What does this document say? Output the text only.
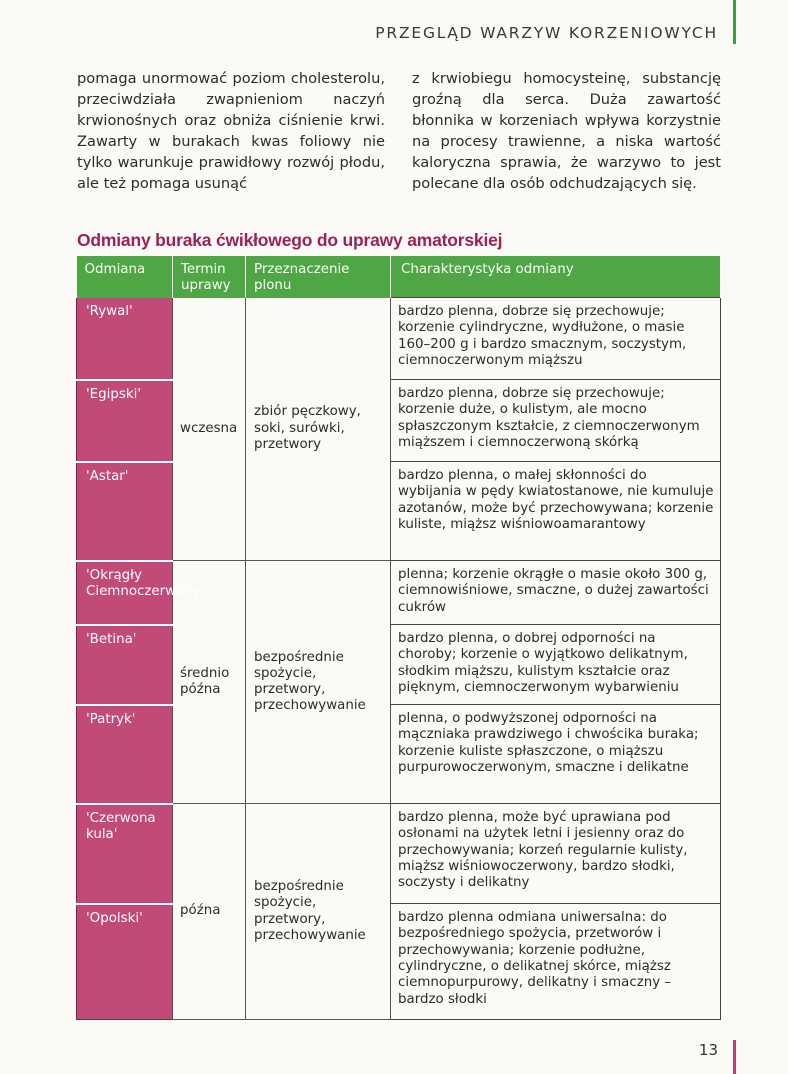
PRZEGLĄD WARZYW KORZENIOWYCH

pomaga unormować poziom cholesterolu, przeciwdziała zwapnieniom naczyń krwionośnych oraz obniża ciśnienie krwi. Zawarty w burakach kwas foliowy nie tylko warunkuje prawidłowy rozwój płodu, ale też pomaga usunąć

z krwiobiegu homocysteinę, substancję groźną dla serca. Duża zawartość błonnika w korzeniach wpływa korzystnie na procesy trawienne, a niska wartość kaloryczna sprawia, że warzywo to jest polecane dla osób odchudzających się.

Odmiany buraka ćwikłowego do uprawy amatorskiej
Odmiana	Termin uprawy	Przeznaczenie plonu	Charakterystyka odmiany
'Rywal'	wczesna	zbiór pęczkowy, soki, surówki, przetwory	bardzo plenna, dobrze się przechowuje; korzenie cylindryczne, wydłużone, o masie 160–200 g i bardzo smacznym, soczystym, ciemnoczerwonym miąższu
'Egipski'			bardzo plenna, dobrze się przechowuje; korzenie duże, o kulistym, ale mocno spłaszczonym kształcie, z ciemnoczerwonym miąższem i ciemnoczerwoną skórką
'Astar'			bardzo plenna, o małej skłonności do wybijania w pędy kwiatostanowe, nie kumuluje azotanów, może być przechowywana; korzenie kuliste, miąższ wiśniowoamarantowy
'Okrągły Ciemnoczerwony'	średnio późna	bezpośrednie spożycie, przetwory, przechowywanie	plenna; korzenie okrągłe o masie około 300 g, ciemnowiśniowe, smaczne, o dużej zawartości cukrów
'Betina'			bardzo plenna, o dobrej odporności na choroby; korzenie o wyjątkowo delikatnym, słodkim miąższu, kulistym kształcie oraz pięknym, ciemnoczerwonym wybarwieniu
'Patryk'			plenna, o podwyższonej odporności na mączniaka prawdziwego i chwościka buraka; korzenie kuliste spłaszczone, o miąższu purpurowoczerwonym, smaczne i delikatne
'Czerwona kula'	późna	bezpośrednie spożycie, przetwory, przechowywanie	bardzo plenna, może być uprawiana pod osłonami na użytek letni i jesienny oraz do przechowywania; korzeń regularnie kulisty, miąższ wiśniowoczerwony, bardzo słodki, soczysty i delikatny
'Opolski'			bardzo plenna odmiana uniwersalna: do bezpośredniego spożycia, przetworów i przechowywania; korzenie podłużne, cylindryczne, o delikatnej skórce, miąższ ciemnopurpurowy, delikatny i smaczny – bardzo słodki
13
